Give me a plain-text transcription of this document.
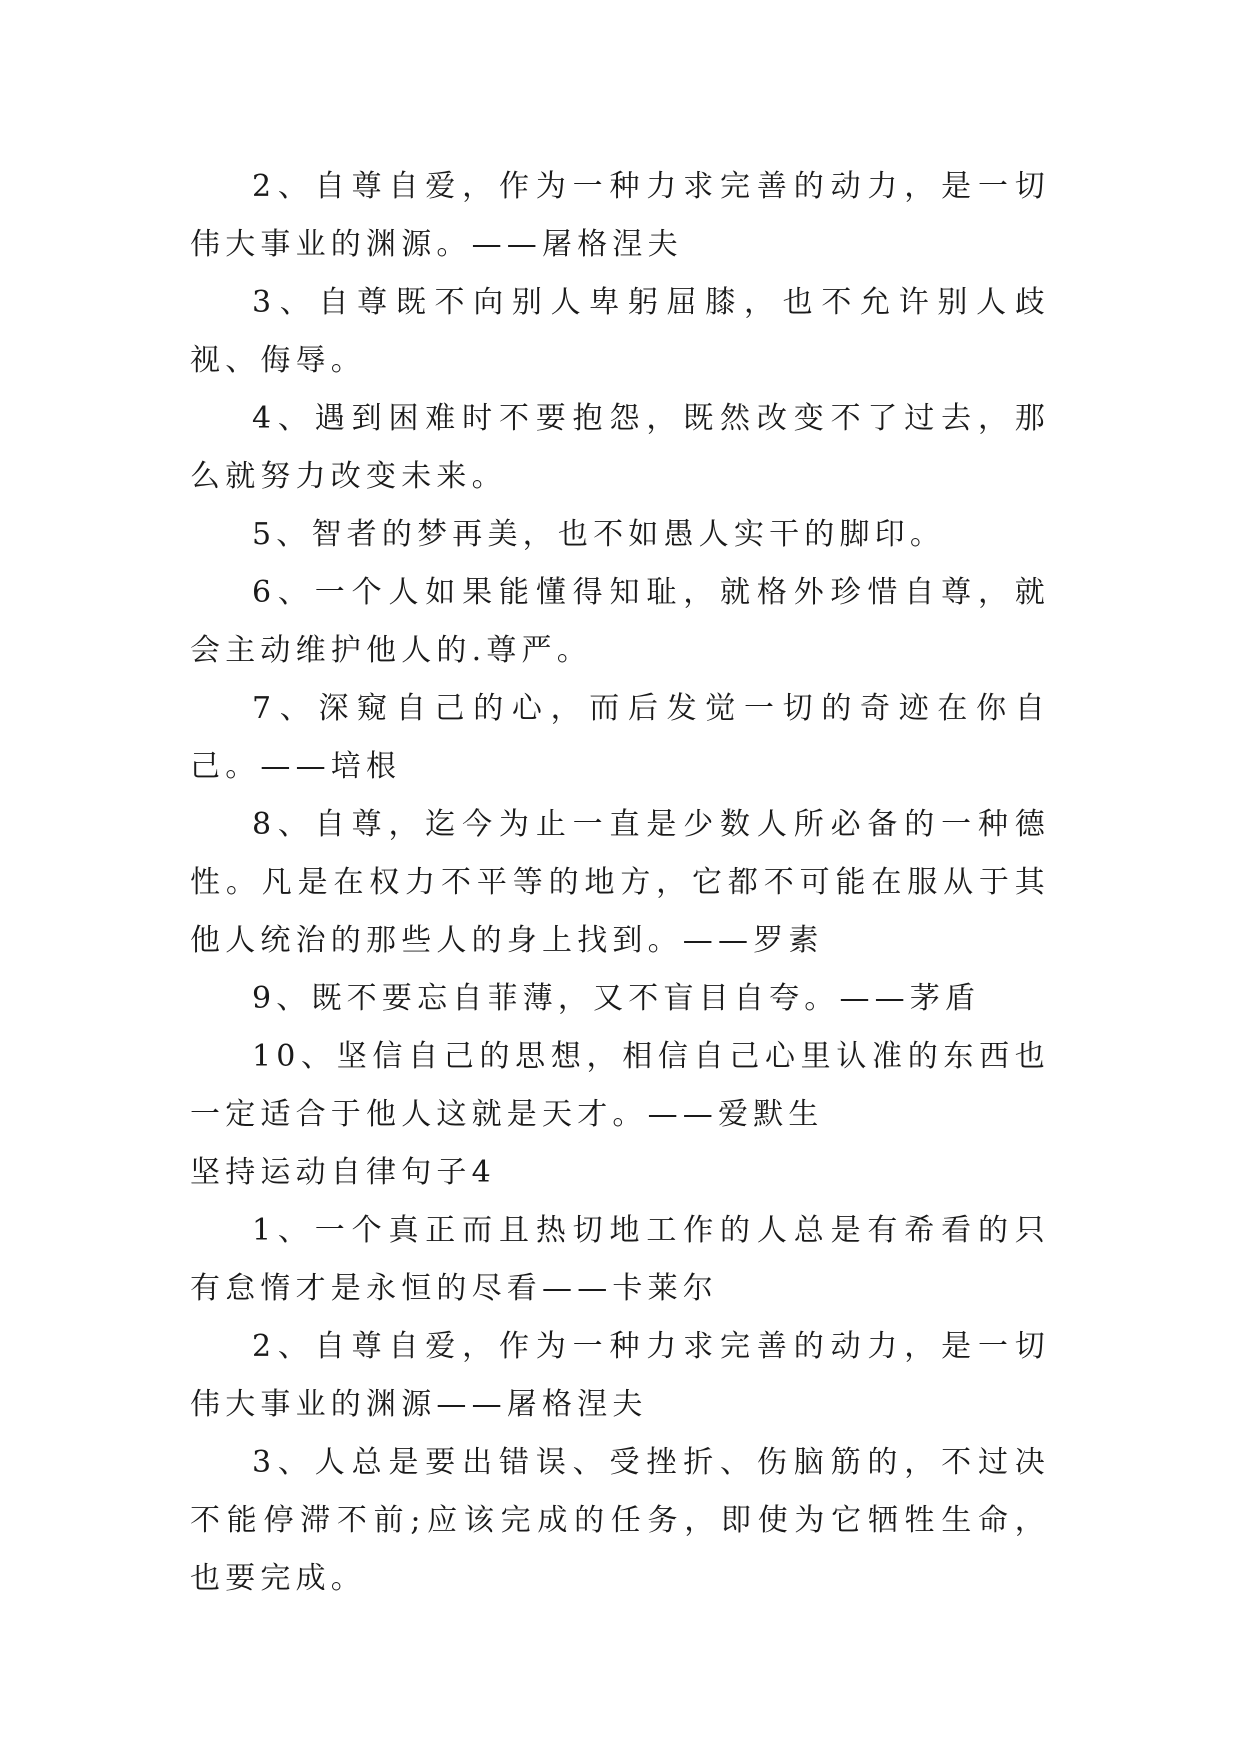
2、自尊自爱，作为一种力求完善的动力，是一切伟大事业的渊源。——屠格涅夫

3、自尊既不向别人卑躬屈膝，也不允许别人歧视、侮辱。

4、遇到困难时不要抱怨，既然改变不了过去，那么就努力改变未来。

5、智者的梦再美，也不如愚人实干的脚印。

6、一个人如果能懂得知耻，就格外珍惜自尊，就会主动维护他人的.尊严。

7、深窥自己的心，而后发觉一切的奇迹在你自己。——培根

8、自尊，迄今为止一直是少数人所必备的一种德性。凡是在权力不平等的地方，它都不可能在服从于其他人统治的那些人的身上找到。——罗素

9、既不要忘自菲薄，又不盲目自夸。——茅盾

10、坚信自己的思想，相信自己心里认准的东西也一定适合于他人这就是天才。——爱默生

坚持运动自律句子4

1、一个真正而且热切地工作的人总是有希看的只有怠惰才是永恒的尽看——卡莱尔

2、自尊自爱，作为一种力求完善的动力，是一切伟大事业的渊源——屠格涅夫

3、人总是要出错误、受挫折、伤脑筋的，不过决不能停滞不前;应该完成的任务，即使为它牺牲生命，也要完成。
